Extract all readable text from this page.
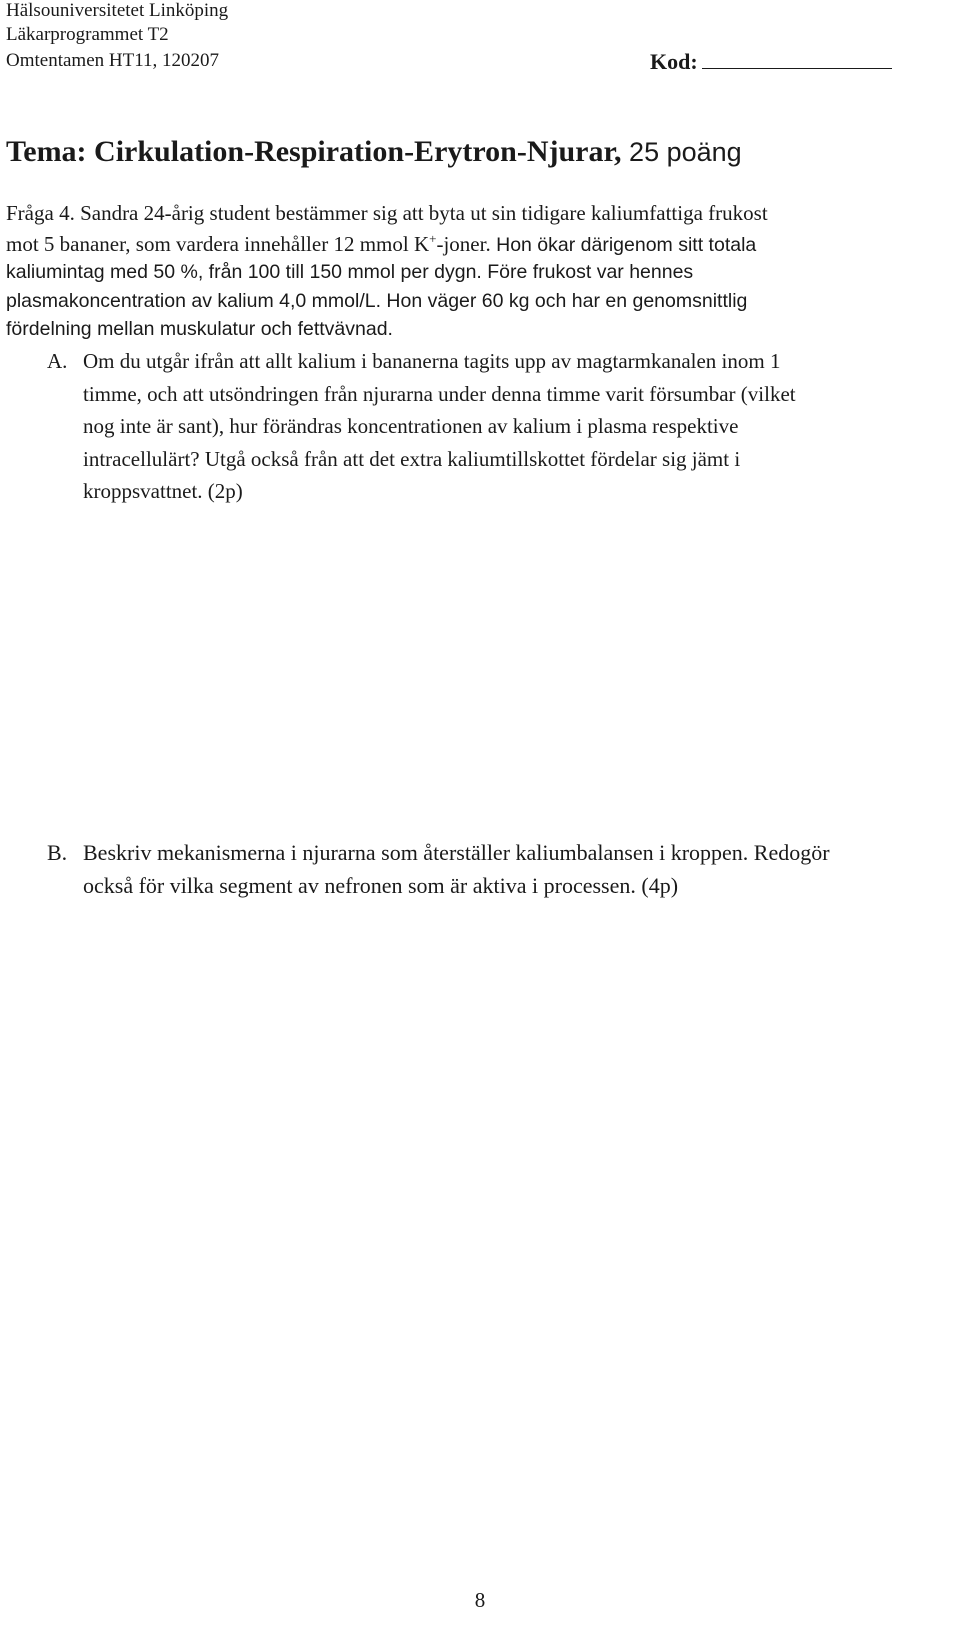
Hälsouniversitetet Linköping
Läkarprogrammet T2
Omtentamen HT11, 120207	Kod:
Tema: Cirkulation-Respiration-Erytron-Njurar, 25 poäng
Fråga 4. Sandra 24-årig student bestämmer sig att byta ut sin tidigare kaliumfattiga frukost
mot 5 bananer, som vardera innehåller 12 mmol K+-joner. Hon ökar därigenom sitt totala
kaliumintag med 50 %, från 100 till 150 mmol per dygn. Före frukost var hennes
plasmakoncentration av kalium 4,0 mmol/L. Hon väger 60 kg och har en genomsnittlig
fördelning mellan muskulatur och fettvävnad.
A. Om du utgår ifrån att allt kalium i bananerna tagits upp av magtarmkanalen inom 1
timme, och att utsöndringen från njurarna under denna timme varit försumbar (vilket
nog inte är sant), hur förändras koncentrationen av kalium i plasma respektive
intracellulärt? Utgå också från att det extra kaliumtillskottet fördelar sig jämt i
kroppsvattnet. (2p)
B. Beskriv mekanismerna i njurarna som återställer kaliumbalansen i kroppen. Redogör
också för vilka segment av nefronen som är aktiva i processen. (4p)
8
